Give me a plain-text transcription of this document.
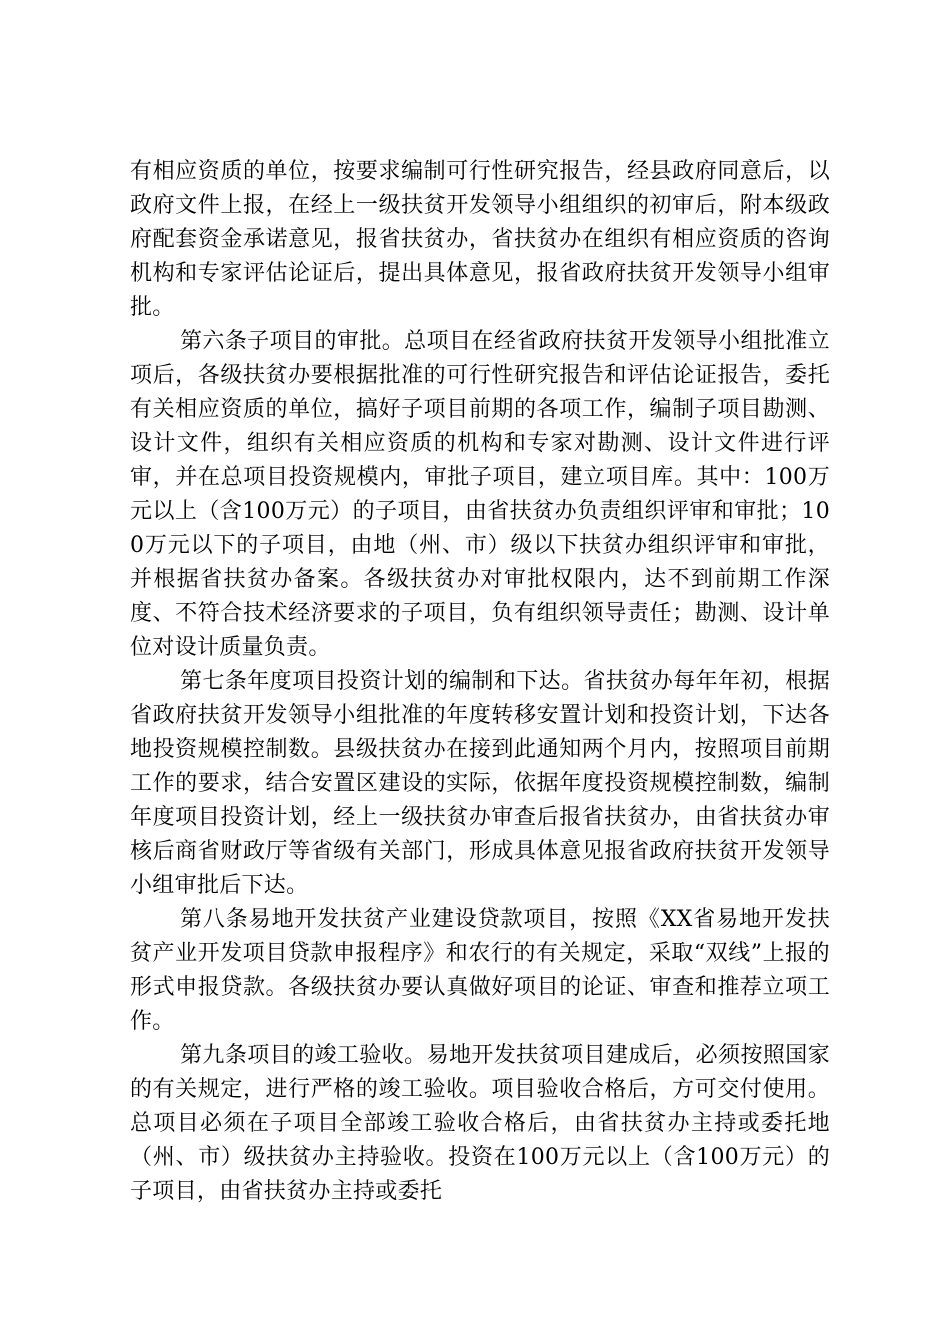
有相应资质的单位，按要求编制可行性研究报告，经县政府同意后，以政府文件上报，在经上一级扶贫开发领导小组组织的初审后，附本级政府配套资金承诺意见，报省扶贫办，省扶贫办在组织有相应资质的咨询机构和专家评估论证后，提出具体意见，报省政府扶贫开发领导小组审批。

第六条子项目的审批。总项目在经省政府扶贫开发领导小组批准立项后，各级扶贫办要根据批准的可行性研究报告和评估论证报告，委托有关相应资质的单位，搞好子项目前期的各项工作，编制子项目勘测、设计文件，组织有关相应资质的机构和专家对勘测、设计文件进行评审，并在总项目投资规模内，审批子项目，建立项目库。其中：100万元以上（含100万元）的子项目，由省扶贫办负责组织评审和审批；100万元以下的子项目，由地（州、市）级以下扶贫办组织评审和审批，并根据省扶贫办备案。各级扶贫办对审批权限内，达不到前期工作深度、不符合技术经济要求的子项目，负有组织领导责任；勘测、设计单位对设计质量负责。

第七条年度项目投资计划的编制和下达。省扶贫办每年年初，根据省政府扶贫开发领导小组批准的年度转移安置计划和投资计划，下达各地投资规模控制数。县级扶贫办在接到此通知两个月内，按照项目前期工作的要求，结合安置区建设的实际，依据年度投资规模控制数，编制年度项目投资计划，经上一级扶贫办审查后报省扶贫办，由省扶贫办审核后商省财政厅等省级有关部门，形成具体意见报省政府扶贫开发领导小组审批后下达。

第八条易地开发扶贫产业建设贷款项目，按照《XX省易地开发扶贫产业开发项目贷款申报程序》和农行的有关规定，采取“双线”上报的形式申报贷款。各级扶贫办要认真做好项目的论证、审查和推荐立项工作。

第九条项目的竣工验收。易地开发扶贫项目建成后，必须按照国家的有关规定，进行严格的竣工验收。项目验收合格后，方可交付使用。总项目必须在子项目全部竣工验收合格后，由省扶贫办主持或委托地（州、市）级扶贫办主持验收。投资在100万元以上（含100万元）的子项目，由省扶贫办主持或委托
